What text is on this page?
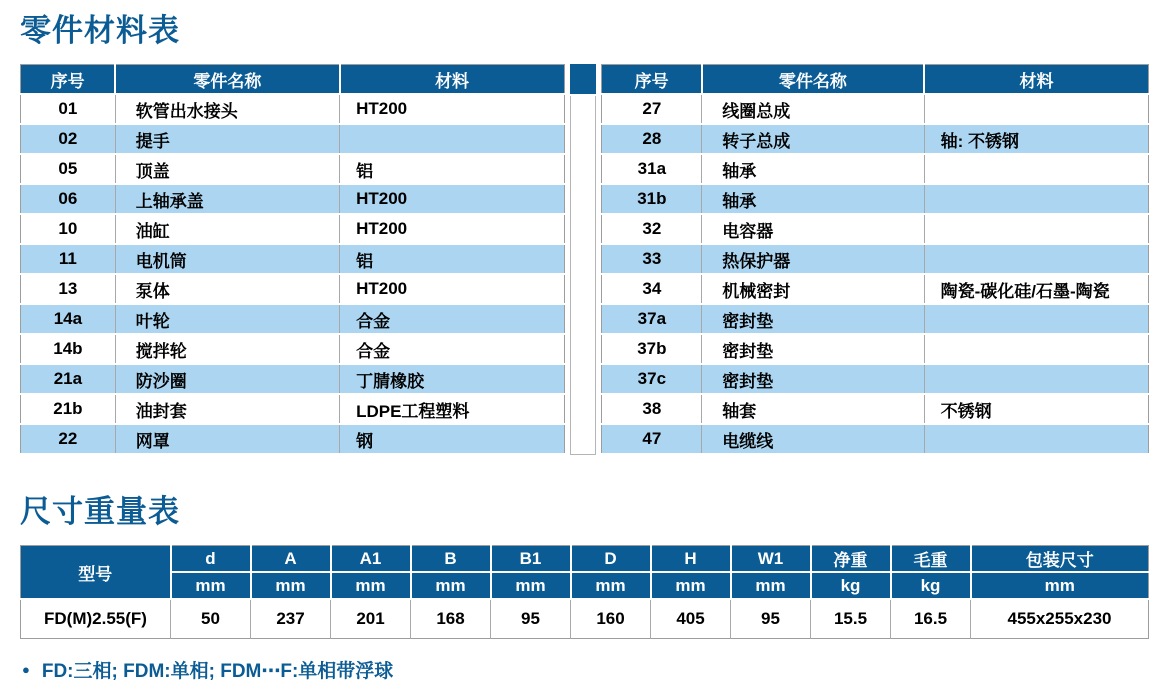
零件材料表
序号	零件名称	材料
01	软管出水接头	HT200
02	提手	
05	顶盖	铝
06	上轴承盖	HT200
10	油缸	HT200
11	电机筒	铝
13	泵体	HT200
14a	叶轮	合金
14b	搅拌轮	合金
21a	防沙圈	丁腈橡胶
21b	油封套	LDPE工程塑料
22	网罩	钢
序号	零件名称	材料
27	线圈总成	
28	转子总成	轴: 不锈钢
31a	轴承	
31b	轴承	
32	电容器	
33	热保护器	
34	机械密封	陶瓷-碳化硅/石墨-陶瓷
37a	密封垫	
37b	密封垫	
37c	密封垫	
38	轴套	不锈钢
47	电缆线	
尺寸重量表
型号	d	A	A1	B	B1	D	H	W1	净重	毛重	包装尺寸
	mm	mm	mm	mm	mm	mm	mm	mm	kg	kg	mm
FD(M)2.55(F)	50	237	201	168	95	160	405	95	15.5	16.5	455x255x230
● FD:三相; FDM:单相; FDM⋯F:单相带浮球
